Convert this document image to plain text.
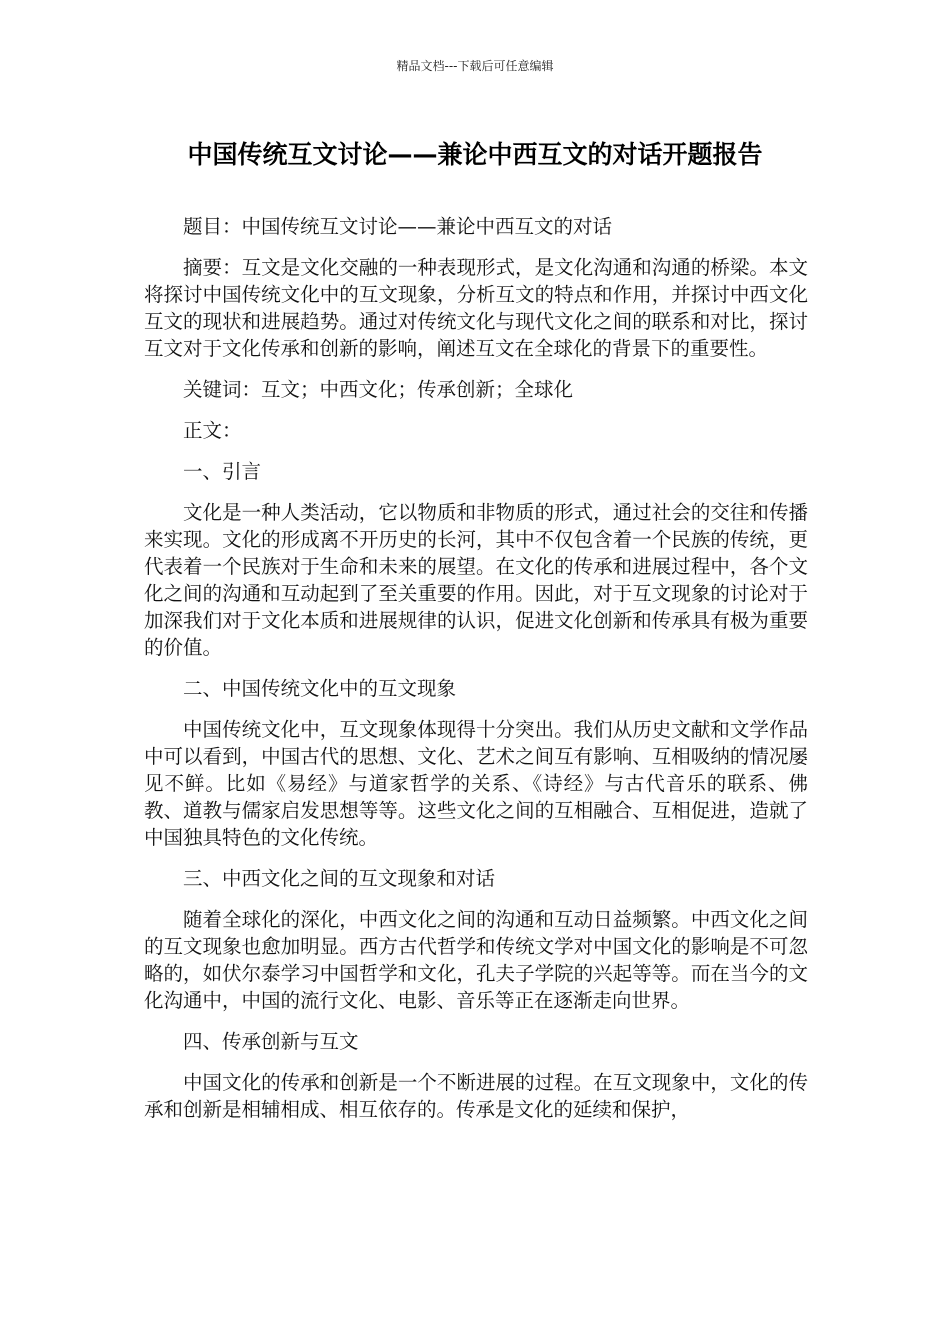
精品文档---下载后可任意编辑
中国传统互文讨论——兼论中西互文的对话开题报告

题目：中国传统互文讨论——兼论中西互文的对话

摘要：互文是文化交融的一种表现形式，是文化沟通和沟通的桥梁。本文将探讨中国传统文化中的互文现象，分析互文的特点和作用，并探讨中西文化互文的现状和进展趋势。通过对传统文化与现代文化之间的联系和对比，探讨互文对于文化传承和创新的影响，阐述互文在全球化的背景下的重要性。

关键词：互文；中西文化；传承创新；全球化

正文：

一、引言

文化是一种人类活动，它以物质和非物质的形式，通过社会的交往和传播来实现。文化的形成离不开历史的长河，其中不仅包含着一个民族的传统，更代表着一个民族对于生命和未来的展望。在文化的传承和进展过程中，各个文化之间的沟通和互动起到了至关重要的作用。因此，对于互文现象的讨论对于加深我们对于文化本质和进展规律的认识，促进文化创新和传承具有极为重要的价值。

二、中国传统文化中的互文现象

中国传统文化中，互文现象体现得十分突出。我们从历史文献和文学作品中可以看到，中国古代的思想、文化、艺术之间互有影响、互相吸纳的情况屡见不鲜。比如《易经》与道家哲学的关系、《诗经》与古代音乐的联系、佛教、道教与儒家启发思想等等。这些文化之间的互相融合、互相促进，造就了中国独具特色的文化传统。

三、中西文化之间的互文现象和对话

随着全球化的深化，中西文化之间的沟通和互动日益频繁。中西文化之间的互文现象也愈加明显。西方古代哲学和传统文学对中国文化的影响是不可忽略的，如伏尔泰学习中国哲学和文化，孔夫子学院的兴起等等。而在当今的文化沟通中，中国的流行文化、电影、音乐等正在逐渐走向世界。

四、传承创新与互文

中国文化的传承和创新是一个不断进展的过程。在互文现象中，文化的传承和创新是相辅相成、相互依存的。传承是文化的延续和保护，
